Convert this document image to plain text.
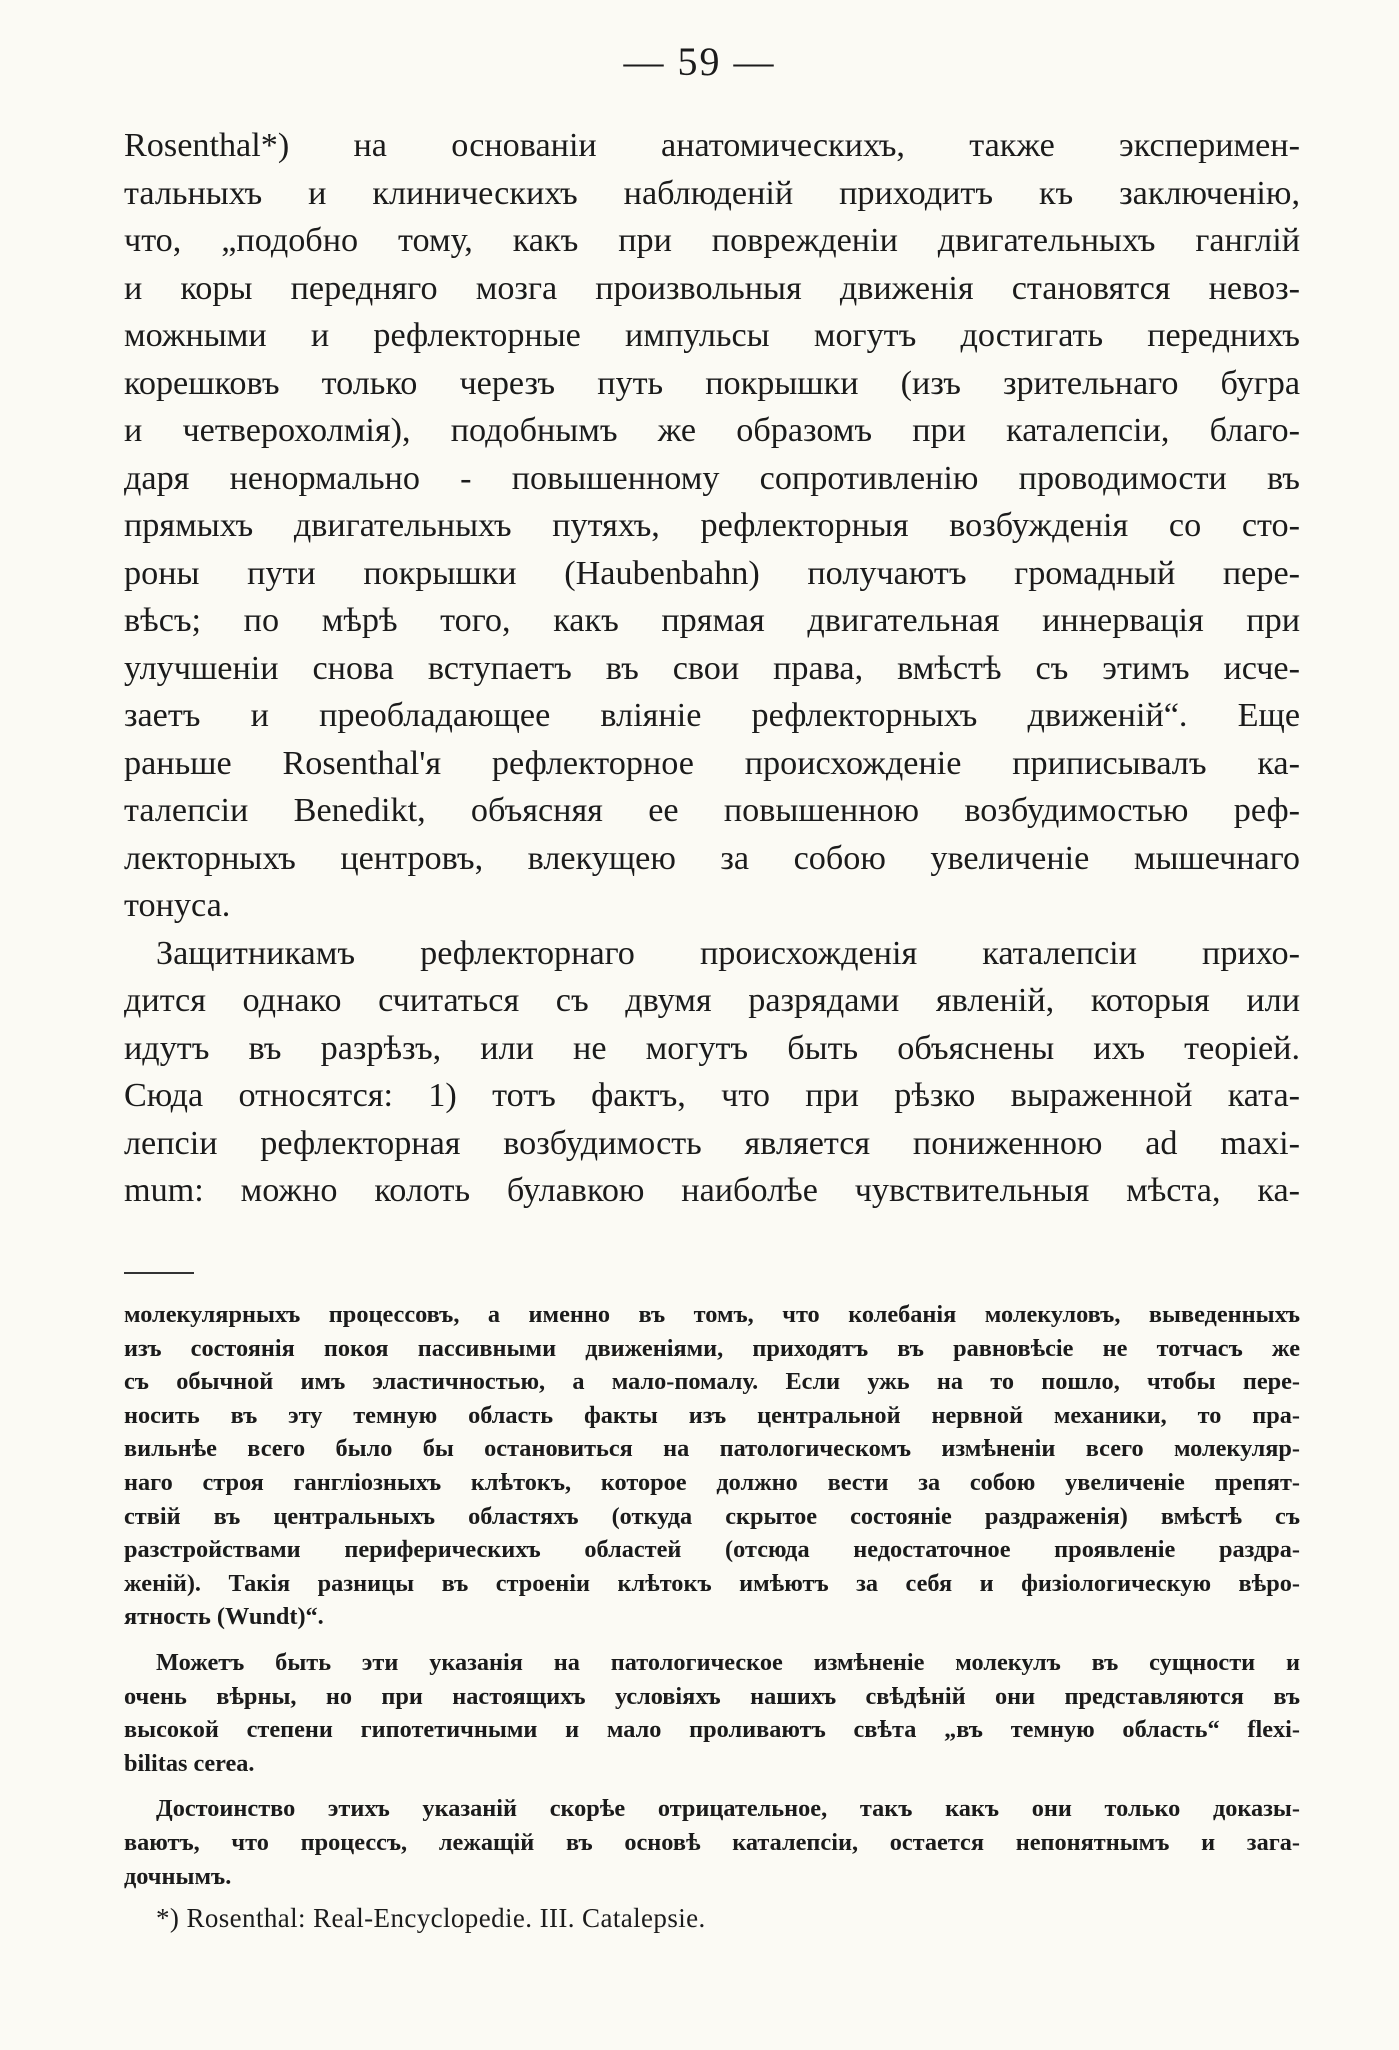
— 59 —
Rosenthal*) на основаніи анатомическихъ, также эксперимен-
тальныхъ и клиническихъ наблюденій приходитъ къ заключенію,
что, „подобно тому, какъ при поврежденіи двигательныхъ ганглій
и коры передняго мозга произвольныя движенія становятся невоз-
можными и рефлекторные импульсы могутъ достигать переднихъ
корешковъ только черезъ путь покрышки (изъ зрительнаго бугра
и четверохолмія), подобнымъ же образомъ при каталепсіи, благо-
даря ненормально - повышенному сопротивленію проводимости въ
прямыхъ двигательныхъ путяхъ, рефлекторныя возбужденія со сто-
роны пути покрышки (Haubenbahn) получаютъ громадный пере-
вѣсъ; по мѣрѣ того, какъ прямая двигательная иннервація при
улучшеніи снова вступаетъ въ свои права, вмѣстѣ съ этимъ исче-
заетъ и преобладающее вліяніе рефлекторныхъ движеній“. Еще
раньше Rosenthal'я рефлекторное происхожденіе приписывалъ ка-
талепсіи Benedikt, объясняя ее повышенною возбудимостью реф-
лекторныхъ центровъ, влекущею за собою увеличеніе мышечнаго
тонуса.
Защитникамъ рефлекторнаго происхожденія каталепсіи прихо-
дится однако считаться съ двумя разрядами явленій, которыя или
идутъ въ разрѣзъ, или не могутъ быть объяснены ихъ теоріей.
Сюда относятся: 1) тотъ фактъ, что при рѣзко выраженной ката-
лепсіи рефлекторная возбудимость является пониженною ad maxi-
mum: можно колоть булавкою наиболѣе чувствительныя мѣста, ка-
молекулярныхъ процессовъ, а именно въ томъ, что колебанія молекуловъ, выведенныхъ
изъ состоянія покоя пассивными движеніями, приходятъ въ равновѣсіе не тотчасъ же
съ обычной имъ эластичностью, а мало-помалу. Если ужь на то пошло, чтобы пере-
носить въ эту темную область факты изъ центральной нервной механики, то пра-
вильнѣе всего было бы остановиться на патологическомъ измѣненіи всего молекуляр-
наго строя ганглiозныхъ клѣтокъ, которое должно вести за собою увеличеніе препят-
ствій въ центральныхъ областяхъ (откуда скрытое состояніе раздраженія) вмѣстѣ съ
разстройствами периферическихъ областей (отсюда недостаточное проявленіе раздра-
женій). Такія разницы въ строеніи клѣтокъ имѣютъ за себя и физіологическую вѣро-
ятность (Wundt)“.
Можетъ быть эти указанія на патологическое измѣненіе молекулъ въ сущности и
очень вѣрны, но при настоящихъ условіяхъ нашихъ свѣдѣній они представляются въ
высокой степени гипотетичными и мало проливаютъ свѣта „въ темную область“ flexi-
bilitas cerea.
Достоинство этихъ указаній скорѣе отрицательное, такъ какъ они только доказы-
ваютъ, что процессъ, лежащій въ основѣ каталепсіи, остается непонятнымъ и зага-
дочнымъ.
*) Rosenthal: Real-Encyclopedie. III. Catalepsie.
